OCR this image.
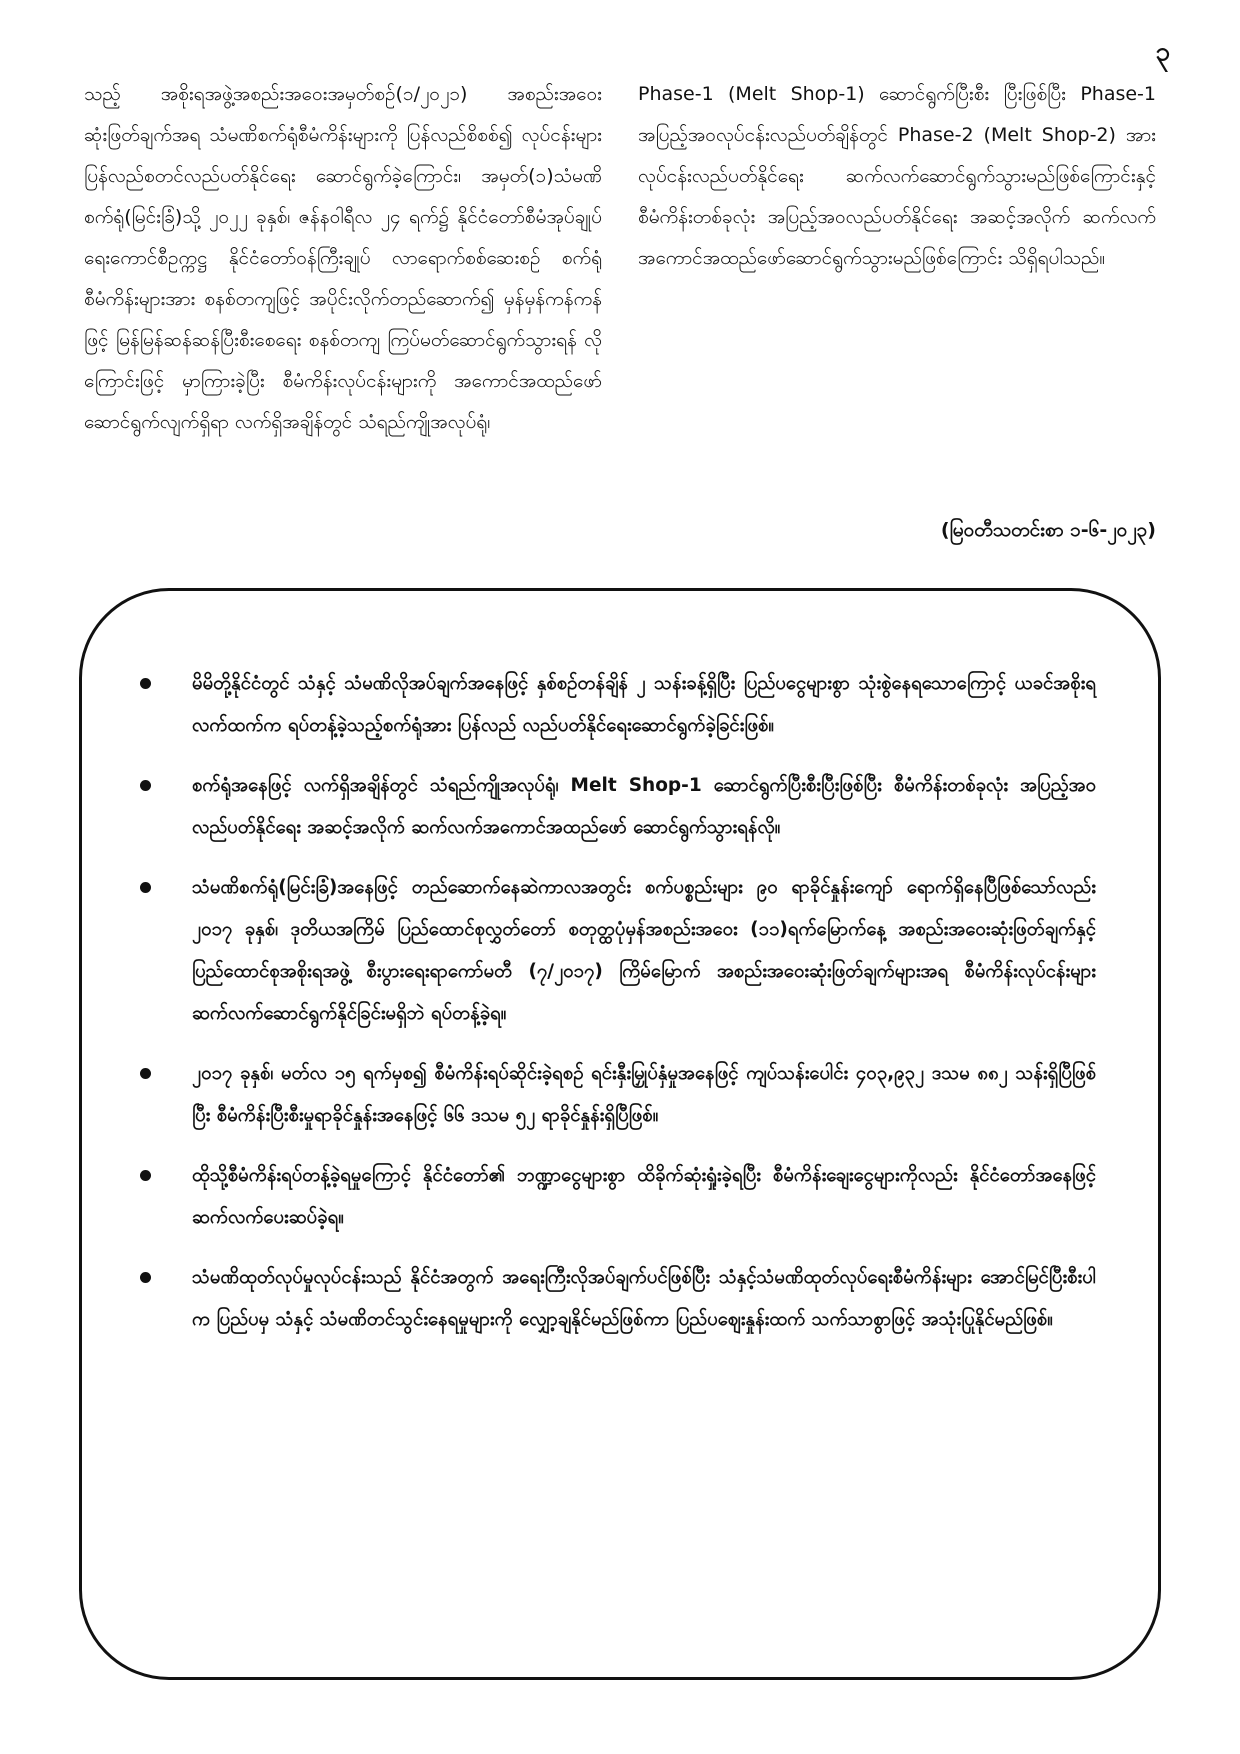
၃

သည့် အစိုးရအဖွဲ့အစည်းအဝေးအမှတ်စဉ်(၁/၂၀၂၁) အစည်းအဝေးဆုံးဖြတ်ချက်အရ သံမဏိစက်ရုံစီမံကိန်းများကို ပြန်လည်စိစစ်၍ လုပ်ငန်းများပြန်လည်စတင်လည်ပတ်နိုင်ရေး ဆောင်ရွက်ခဲ့ကြောင်း၊ အမှတ်(၁)သံမဏိစက်ရုံ(မြင်းခြံ)သို့ ၂၀၂၂ ခုနှစ်၊ ဇန်နဝါရီလ ၂၄ ရက်၌ နိုင်ငံတော်စီမံအုပ်ချုပ်ရေးကောင်စီဥက္ကဋ္ဌ နိုင်ငံတော်ဝန်ကြီးချုပ် လာရောက်စစ်ဆေးစဉ် စက်ရုံစီမံကိန်းများအား စနစ်တကျဖြင့် အပိုင်းလိုက်တည်ဆောက်၍ မှန်မှန်ကန်ကန်ဖြင့် မြန်မြန်ဆန်ဆန်ပြီးစီးစေရေး စနစ်တကျ ကြပ်မတ်ဆောင်ရွက်သွားရန် လိုကြောင်းဖြင့် မှာကြားခဲ့ပြီး စီမံကိန်းလုပ်ငန်းများကို အကောင်အထည်ဖော်ဆောင်ရွက်လျက်ရှိရာ လက်ရှိအချိန်တွင် သံရည်ကျိုအလုပ်ရုံ၊

Phase-1 (Melt Shop-1) ဆောင်ရွက်ပြီးစီး ပြီးဖြစ်ပြီး Phase-1 အပြည့်အဝလုပ်ငန်းလည်ပတ်ချိန်တွင် Phase-2 (Melt Shop-2) အား လုပ်ငန်းလည်ပတ်နိုင်ရေး ဆက်လက်ဆောင်ရွက်သွားမည်ဖြစ်ကြောင်းနှင့် စီမံကိန်းတစ်ခုလုံး အပြည့်အဝလည်ပတ်နိုင်ရေး အဆင့်အလိုက် ဆက်လက်အကောင်အထည်ဖော်ဆောင်ရွက်သွားမည်ဖြစ်ကြောင်း သိရှိရပါသည်။

(မြဝတီသတင်းစာ ၁-၆-၂၀၂၃)
မိမိတို့နိုင်ငံတွင် သံနှင့် သံမဏိလိုအပ်ချက်အနေဖြင့် နှစ်စဉ်တန်ချိန် ၂ သန်းခန့်ရှိပြီး ပြည်ပငွေများစွာ သုံးစွဲနေရသောကြောင့် ယခင်အစိုးရလက်ထက်က ရပ်တန့်ခဲ့သည့်စက်ရုံအား ပြန်လည် လည်ပတ်နိုင်ရေးဆောင်ရွက်ခဲ့ခြင်းဖြစ်။
စက်ရုံအနေဖြင့် လက်ရှိအချိန်တွင် သံရည်ကျိုအလုပ်ရုံ၊ Melt Shop-1 ဆောင်ရွက်ပြီးစီးပြီးဖြစ်ပြီး စီမံကိန်းတစ်ခုလုံး အပြည့်အဝလည်ပတ်နိုင်ရေး အဆင့်အလိုက် ဆက်လက်အကောင်အထည်ဖော် ဆောင်ရွက်သွားရန်လို။
သံမဏိစက်ရုံ(မြင်းခြံ)အနေဖြင့် တည်ဆောက်နေဆဲကာလအတွင်း စက်ပစ္စည်းများ ၉၀ ရာခိုင်နှုန်းကျော် ရောက်ရှိနေပြီဖြစ်သော်လည်း ၂၀၁၇ ခုနှစ်၊ ဒုတိယအကြိမ် ပြည်ထောင်စုလွှတ်တော် စတုတ္ထပုံမှန်အစည်းအဝေး (၁၁)ရက်မြောက်နေ့ အစည်းအဝေးဆုံးဖြတ်ချက်နှင့် ပြည်ထောင်စုအစိုးရအဖွဲ့ စီးပွားရေးရာကော်မတီ (၇/၂၀၁၇) ကြိမ်မြောက် အစည်းအဝေးဆုံးဖြတ်ချက်များအရ စီမံကိန်းလုပ်ငန်းများ ဆက်လက်ဆောင်ရွက်နိုင်ခြင်းမရှိဘဲ ရပ်တန့်ခဲ့ရ။
၂၀၁၇ ခုနှစ်၊ မတ်လ ၁၅ ရက်မှစ၍ စီမံကိန်းရပ်ဆိုင်းခဲ့ရစဉ် ရင်းနှီးမြှုပ်နှံမှုအနေဖြင့် ကျပ်သန်းပေါင်း ၄၀၃,၉၃၂ ဒသမ ၈၈၂ သန်းရှိပြီဖြစ်ပြီး စီမံကိန်းပြီးစီးမှုရာခိုင်နှုန်းအနေဖြင့် ၆၆ ဒသမ ၅၂ ရာခိုင်နှုန်းရှိပြီဖြစ်။
ထိုသို့စီမံကိန်းရပ်တန့်ခဲ့ရမှုကြောင့် နိုင်ငံတော်၏ ဘဏ္ဍာငွေများစွာ ထိခိုက်ဆုံးရှုံးခဲ့ရပြီး စီမံကိန်းချေးငွေများကိုလည်း နိုင်ငံတော်အနေဖြင့် ဆက်လက်ပေးဆပ်ခဲ့ရ။
သံမဏိထုတ်လုပ်မှုလုပ်ငန်းသည် နိုင်ငံအတွက် အရေးကြီးလိုအပ်ချက်ပင်ဖြစ်ပြီး သံနှင့်သံမဏိထုတ်လုပ်ရေးစီမံကိန်းများ အောင်မြင်ပြီးစီးပါက ပြည်ပမှ သံနှင့် သံမဏိတင်သွင်းနေရမှုများကို လျှော့ချနိုင်မည်ဖြစ်ကာ ပြည်ပဈေးနှုန်းထက် သက်သာစွာဖြင့် အသုံးပြုနိုင်မည်ဖြစ်။
